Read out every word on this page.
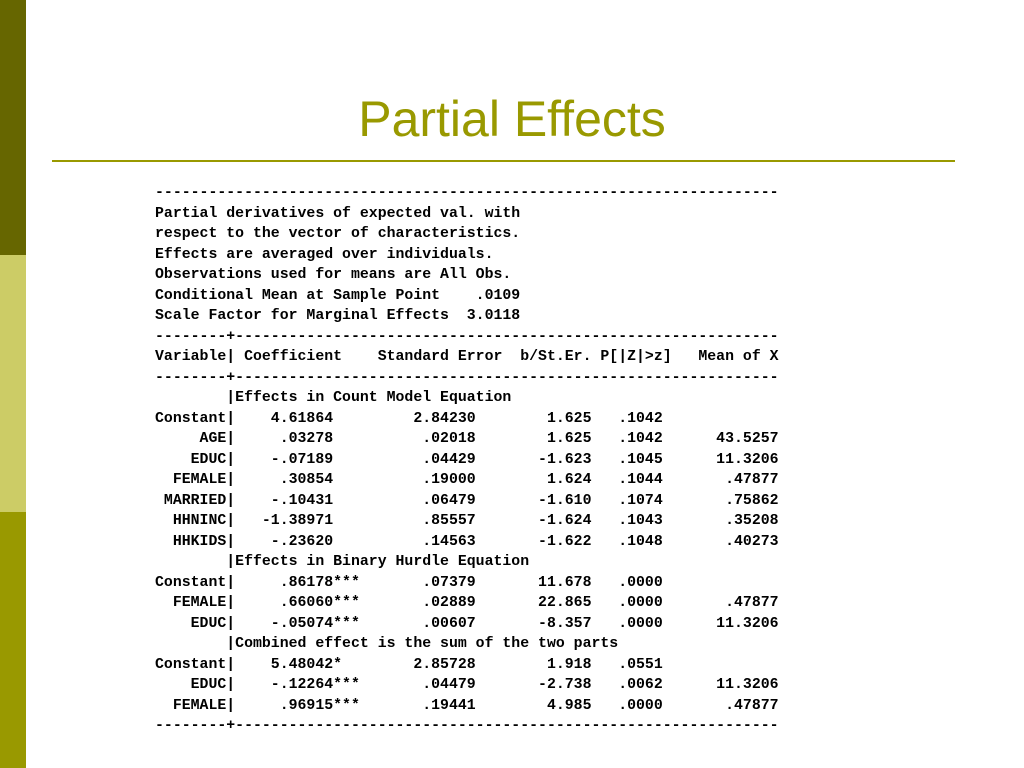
Partial Effects
----------------------------------------------------------------------
Partial derivatives of expected val. with
respect to the vector of characteristics.
Effects are averaged over individuals.
Observations used for means are All Obs.
Conditional Mean at Sample Point    .0109
Scale Factor for Marginal Effects  3.0118
--------+-------------------------------------------------------------
Variable| Coefficient    Standard Error  b/St.Er. P[|Z|>z]   Mean of X
--------+-------------------------------------------------------------
|Effects in Count Model Equation
Constant|    4.61864         2.84230        1.625   .1042
AGE|     .03278          .02018        1.625   .1042      43.5257
EDUC|    -.07189          .04429       -1.623   .1045      11.3206
FEMALE|     .30854          .19000        1.624   .1044       .47877
MARRIED|    -.10431          .06479       -1.610   .1074       .75862
HHNINC|   -1.38971          .85557       -1.624   .1043       .35208
HHKIDS|    -.23620          .14563       -1.622   .1048       .40273
|Effects in Binary Hurdle Equation
Constant|     .86178***       .07379       11.678   .0000
FEMALE|     .66060***       .02889       22.865   .0000       .47877
EDUC|    -.05074***       .00607       -8.357   .0000      11.3206
|Combined effect is the sum of the two parts
Constant|    5.48042*        2.85728        1.918   .0551
EDUC|    -.12264***       .04479       -2.738   .0062      11.3206
FEMALE|     .96915***       .19441        4.985   .0000       .47877
--------+-------------------------------------------------------------
